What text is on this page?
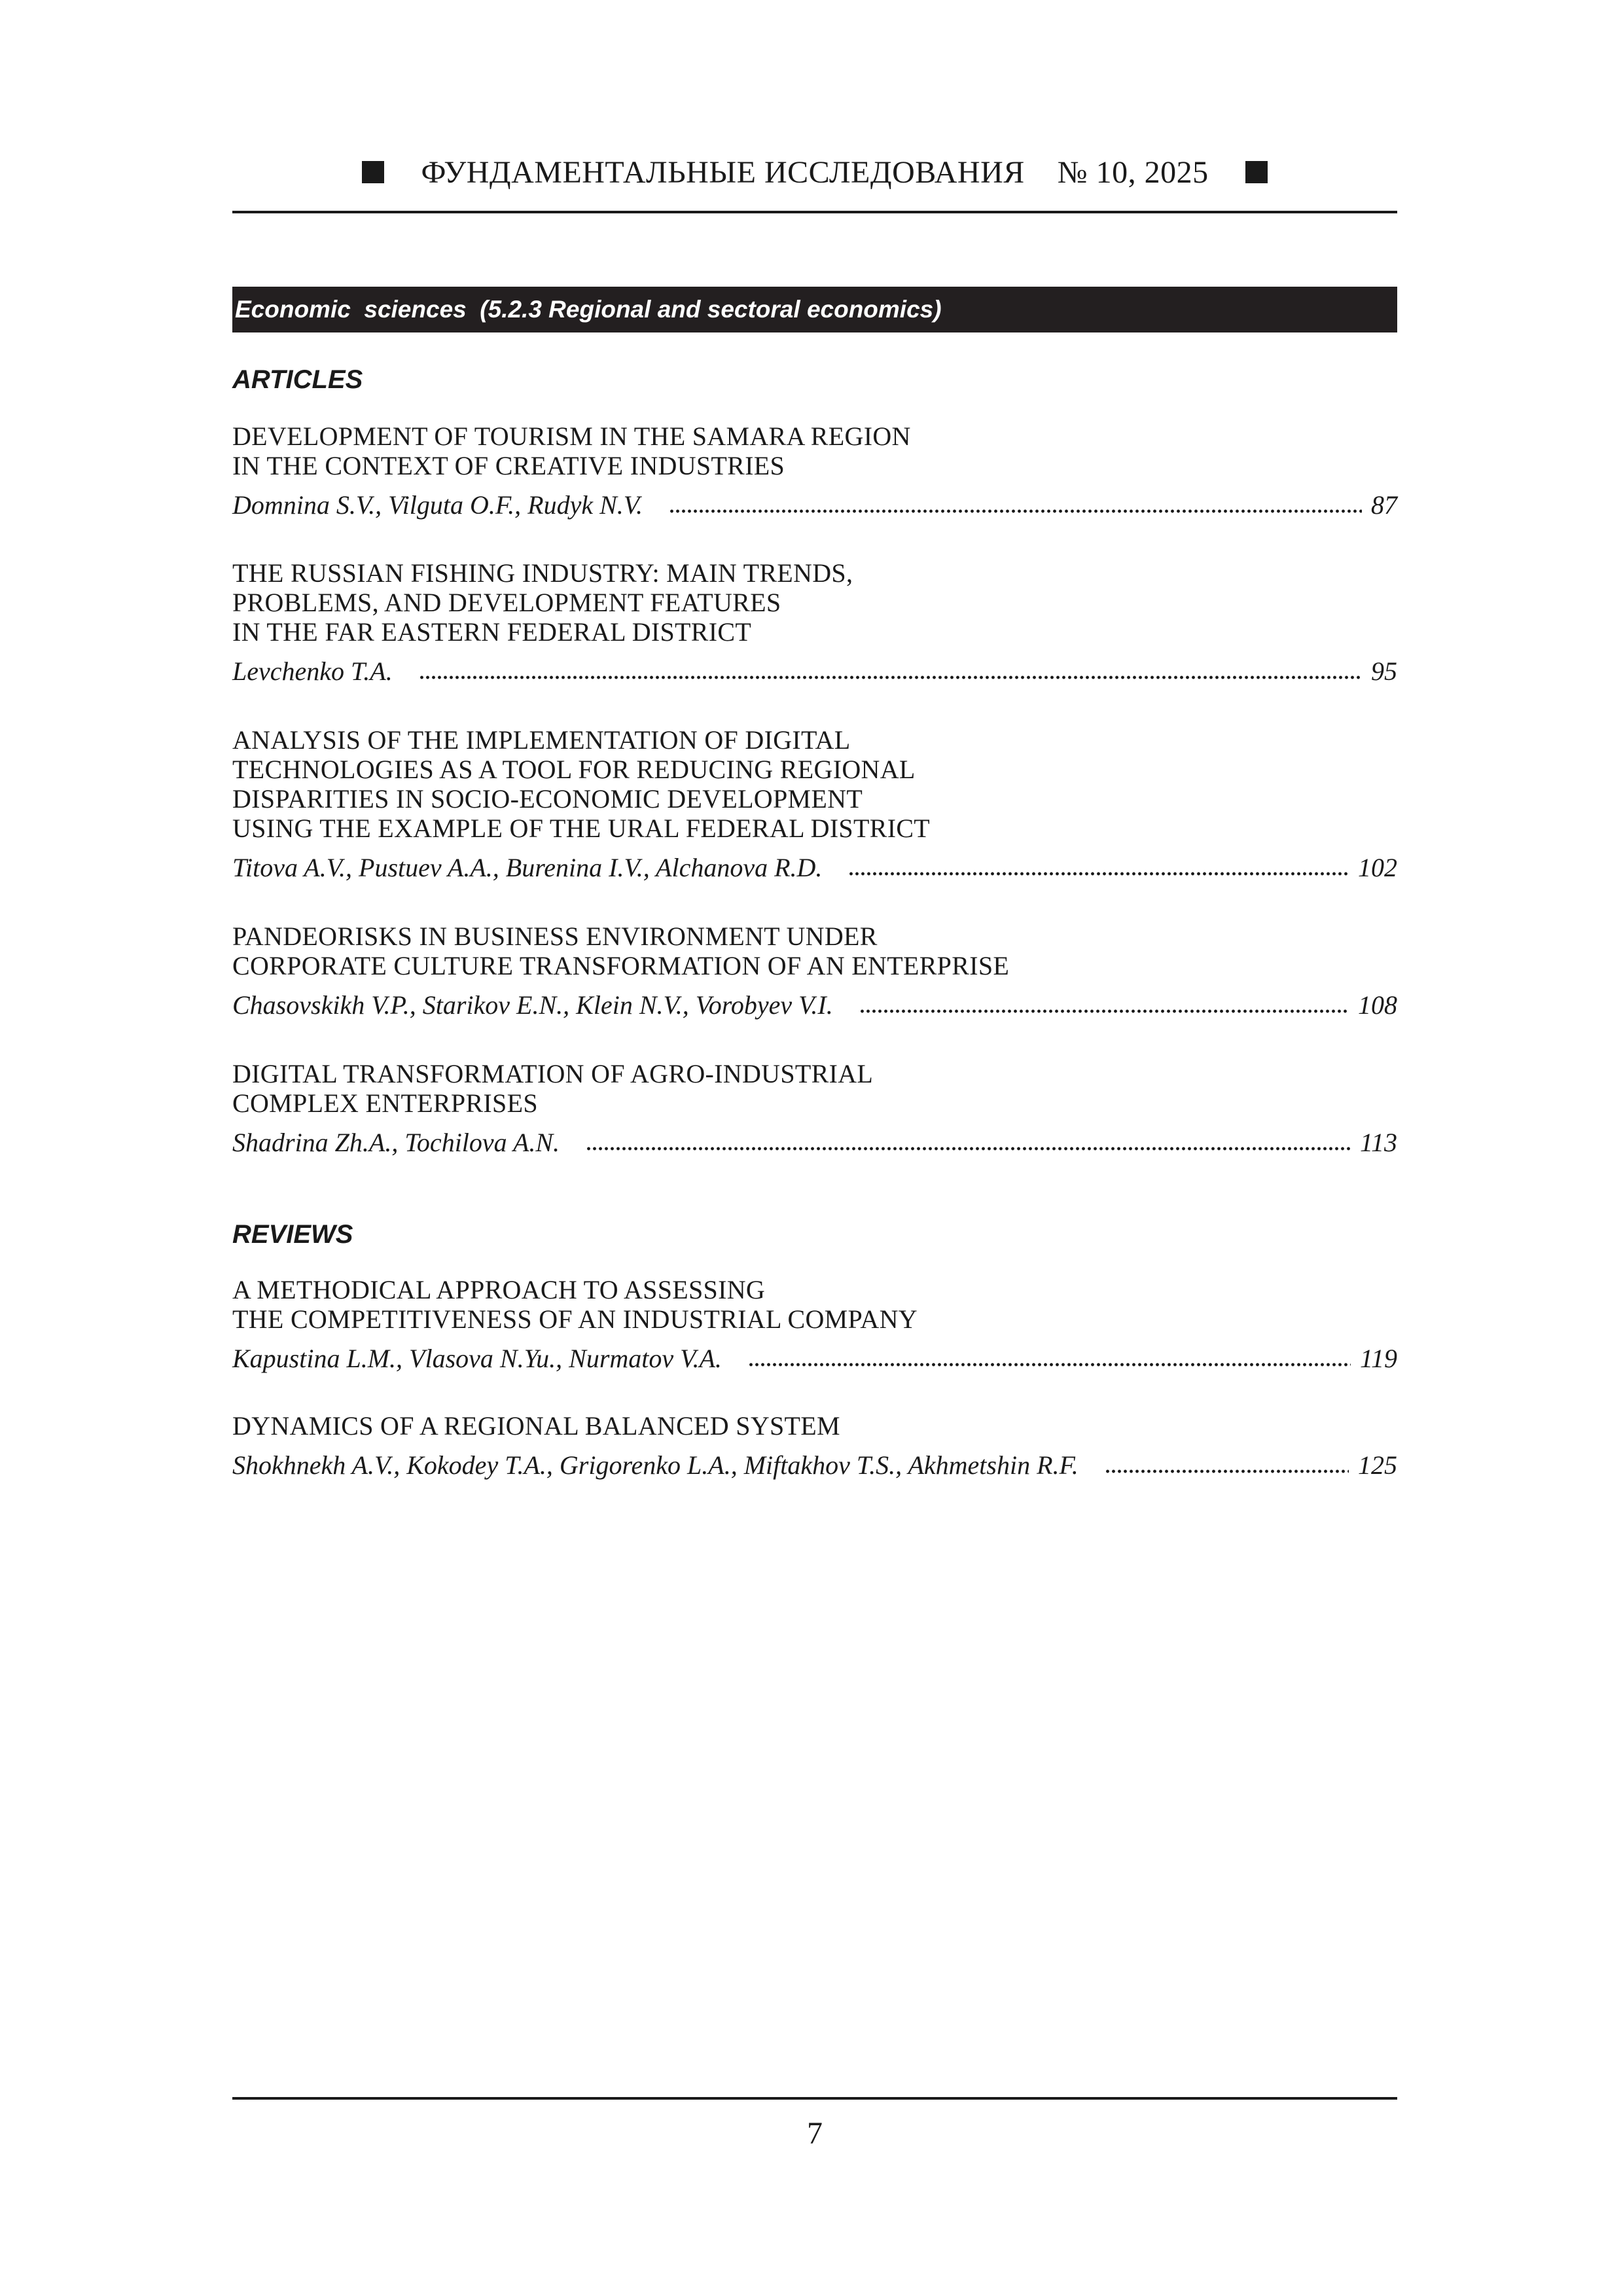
ФУНДАМЕНТАЛЬНЫЕ ИССЛЕДОВАНИЯ № 10, 2025
Economic  sciences  (5.2.3 Regional and sectoral economics)
ARTICLES
DEVELOPMENT OF TOURISM IN THE SAMARA REGION
IN THE CONTEXT OF CREATIVE INDUSTRIES
Domnina S.V., Vilguta O.F., Rudyk N.V.	87
THE RUSSIAN FISHING INDUSTRY: MAIN TRENDS,
PROBLEMS, AND DEVELOPMENT FEATURES
IN THE FAR EASTERN FEDERAL DISTRICT
Levchenko T.A.	95
ANALYSIS OF THE IMPLEMENTATION OF DIGITAL
TECHNOLOGIES AS A TOOL FOR REDUCING REGIONAL
DISPARITIES IN SOCIO-ECONOMIC DEVELOPMENT
USING THE EXAMPLE OF THE URAL FEDERAL DISTRICT
Titova A.V., Pustuev A.A., Burenina I.V., Alchanova R.D.	102
PANDEORISKS IN BUSINESS ENVIRONMENT UNDER
CORPORATE CULTURE TRANSFORMATION OF AN ENTERPRISE
Chasovskikh V.P., Starikov E.N., Klein N.V., Vorobyev V.I.	108
DIGITAL TRANSFORMATION OF AGRO-INDUSTRIAL
COMPLEX ENTERPRISES
Shadrina Zh.A., Tochilova A.N.	113
REVIEWS
A METHODICAL APPROACH TO ASSESSING
THE COMPETITIVENESS OF AN INDUSTRIAL COMPANY
Kapustina L.M., Vlasova N.Yu., Nurmatov V.A.	119
DYNAMICS OF A REGIONAL BALANCED SYSTEM
Shokhnekh A.V., Kokodey T.A., Grigorenko L.A., Miftakhov T.S., Akhmetshin R.F.	125
7
